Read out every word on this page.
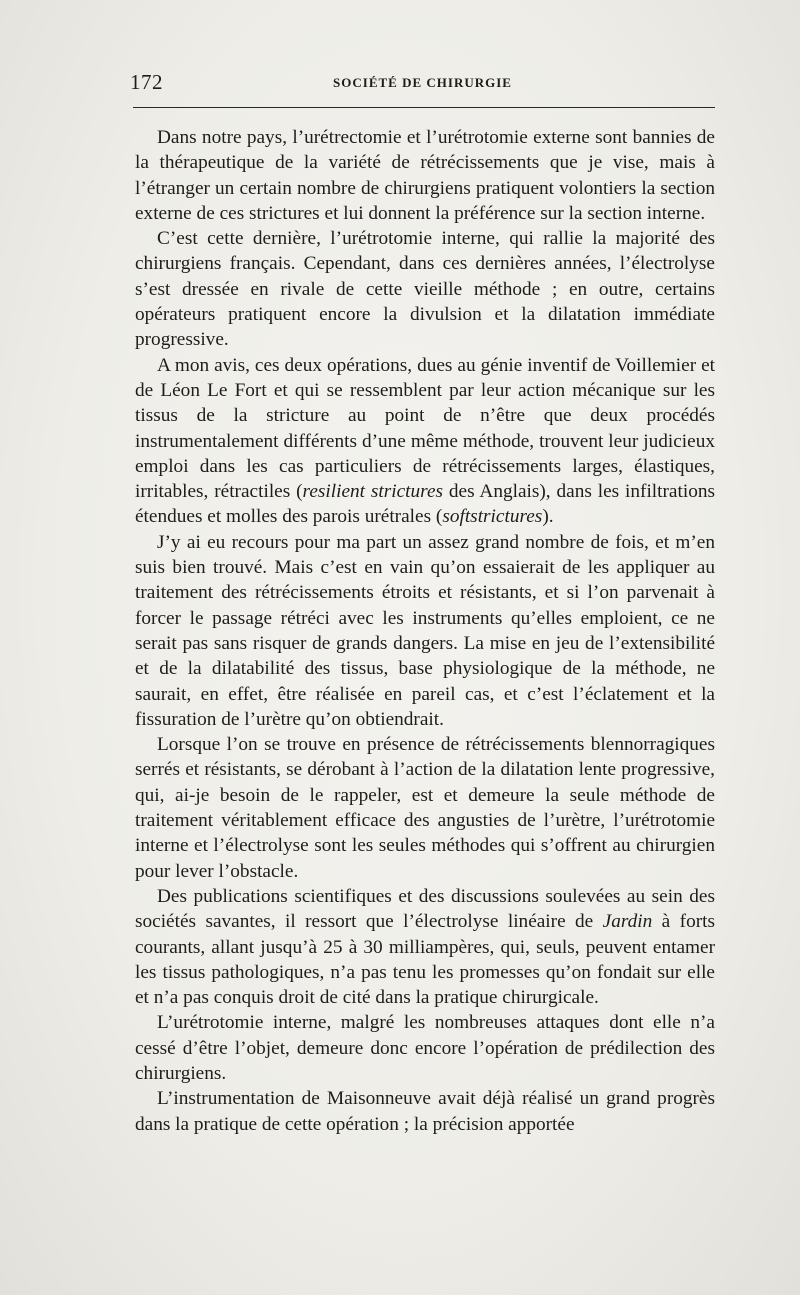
172	SOCIÉTÉ DE CHIRURGIE

Dans notre pays, l’urétrectomie et l’urétrotomie externe sont bannies de la thérapeutique de la variété de rétrécissements que je vise, mais à l’étranger un certain nombre de chirurgiens pratiquent volontiers la section externe de ces strictures et lui donnent la préférence sur la section interne.

C’est cette dernière, l’urétrotomie interne, qui rallie la majorité des chirurgiens français. Cependant, dans ces dernières années, l’électrolyse s’est dressée en rivale de cette vieille méthode ; en outre, certains opérateurs pratiquent encore la divulsion et la dilatation immédiate progressive.

A mon avis, ces deux opérations, dues au génie inventif de Voillemier et de Léon Le Fort et qui se ressemblent par leur action mécanique sur les tissus de la stricture au point de n’être que deux procédés instrumentalement différents d’une même méthode, trouvent leur judicieux emploi dans les cas particuliers de rétrécissements larges, élastiques, irritables, rétractiles (resilient strictures des Anglais), dans les infiltrations étendues et molles des parois urétrales (softstrictures).

J’y ai eu recours pour ma part un assez grand nombre de fois, et m’en suis bien trouvé. Mais c’est en vain qu’on essaierait de les appliquer au traitement des rétrécissements étroits et résistants, et si l’on parvenait à forcer le passage rétréci avec les instruments qu’elles emploient, ce ne serait pas sans risquer de grands dangers. La mise en jeu de l’extensibilité et de la dilatabilité des tissus, base physiologique de la méthode, ne saurait, en effet, être réalisée en pareil cas, et c’est l’éclatement et la fissuration de l’urètre qu’on obtiendrait.

Lorsque l’on se trouve en présence de rétrécissements blennorragiques serrés et résistants, se dérobant à l’action de la dilatation lente progressive, qui, ai-je besoin de le rappeler, est et demeure la seule méthode de traitement véritablement efficace des angusties de l’urètre, l’urétrotomie interne et l’électrolyse sont les seules méthodes qui s’offrent au chirurgien pour lever l’obstacle.

Des publications scientifiques et des discussions soulevées au sein des sociétés savantes, il ressort que l’électrolyse linéaire de Jardin à forts courants, allant jusqu’à 25 à 30 milliampères, qui, seuls, peuvent entamer les tissus pathologiques, n’a pas tenu les promesses qu’on fondait sur elle et n’a pas conquis droit de cité dans la pratique chirurgicale.

L’urétrotomie interne, malgré les nombreuses attaques dont elle n’a cessé d’être l’objet, demeure donc encore l’opération de prédilection des chirurgiens.

L’instrumentation de Maisonneuve avait déjà réalisé un grand progrès dans la pratique de cette opération ; la précision apportée
